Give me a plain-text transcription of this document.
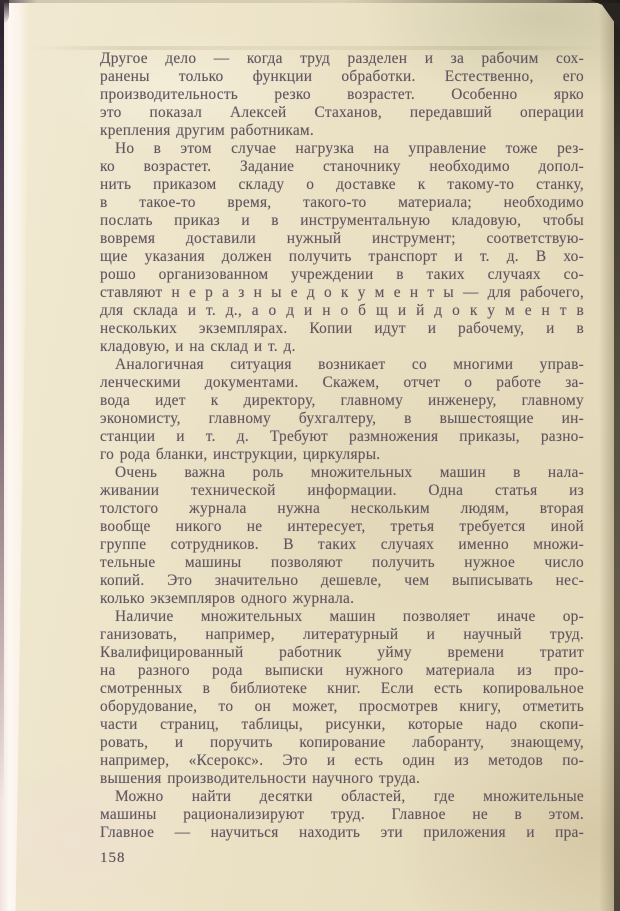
Другое дело — когда труд разделен и за рабочим сох-
ранены только функции обработки. Естественно, его
производительность резко возрастет. Особенно ярко
это показал Алексей Стаханов, передавший операции
крепления другим работникам.
Но в этом случае нагрузка на управление тоже рез-
ко возрастет. Задание станочнику необходимо допол-
нить приказом складу о доставке к такому-то станку,
в такое-то время, такого-то материала; необходимо
послать приказ и в инструментальную кладовую, чтобы
вовремя доставили нужный инструмент; соответствую-
щие указания должен получить транспорт и т. д. В хо-
рошо организованном учреждении в таких случаях со-
ставляют н е р а з н ы е д о к у м е н т ы — для рабочего,
для склада и т. д., а о д и н о б щ и й д о к у м е н т в
нескольких экземплярах. Копии идут и рабочему, и в
кладовую, и на склад и т. д.
Аналогичная ситуация возникает со многими управ-
ленческими документами. Скажем, отчет о работе за-
вода идет к директору, главному инженеру, главному
экономисту, главному бухгалтеру, в вышестоящие ин-
станции и т. д. Требуют размножения приказы, разно-
го рода бланки, инструкции, циркуляры.
Очень важна роль множительных машин в нала-
живании технической информации. Одна статья из
толстого журнала нужна нескольким людям, вторая
вообще никого не интересует, третья требуется иной
группе сотрудников. В таких случаях именно множи-
тельные машины позволяют получить нужное число
копий. Это значительно дешевле, чем выписывать нес-
колько экземпляров одного журнала.
Наличие множительных машин позволяет иначе ор-
ганизовать, например, литературный и научный труд.
Квалифицированный работник уйму времени тратит
на разного рода выписки нужного материала из про-
смотренных в библиотеке книг. Если есть копировальное
оборудование, то он может, просмотрев книгу, отметить
части страниц, таблицы, рисунки, которые надо скопи-
ровать, и поручить копирование лаборанту, знающему,
например, «Ксерокс». Это и есть один из методов по-
вышения производительности научного труда.
Можно найти десятки областей, где множительные
машины рационализируют труд. Главное не в этом.
Главное — научиться находить эти приложения и пра-
158
